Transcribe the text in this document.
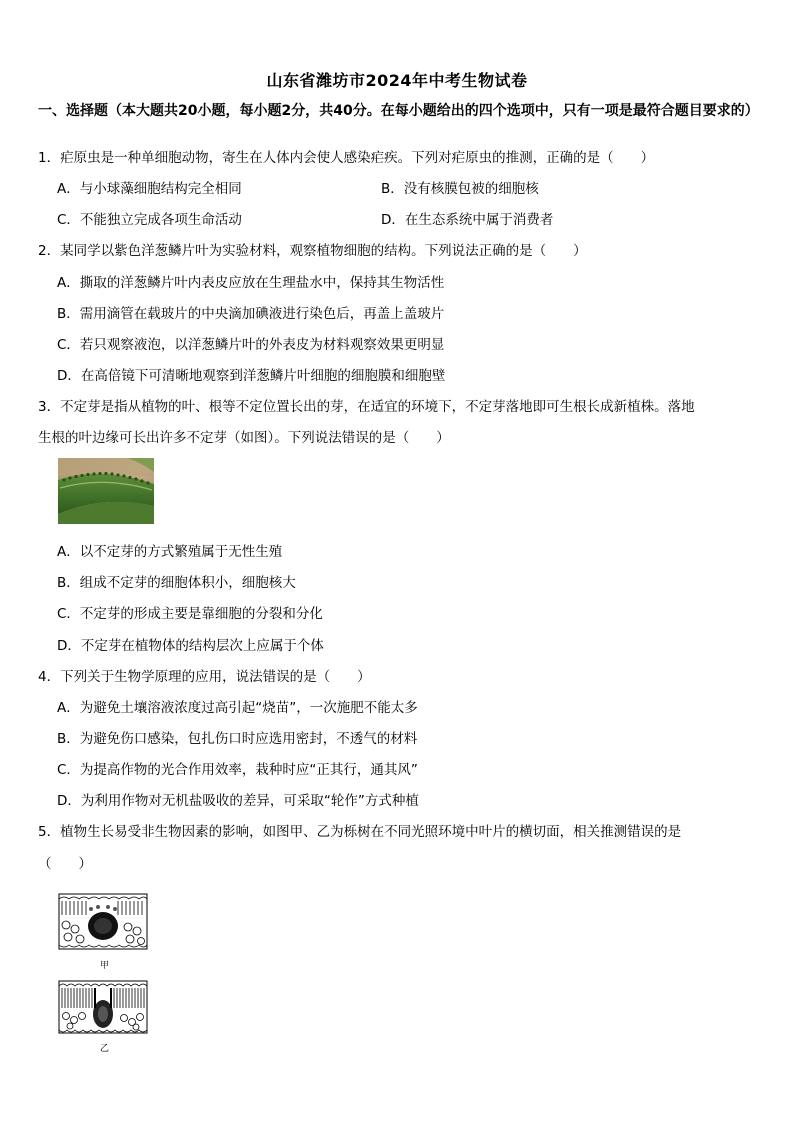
山东省潍坊市2024年中考生物试卷
一、选择题（本大题共20小题，每小题2分，共40分。在每小题给出的四个选项中，只有一项是最符合题目要求的）
1．疟原虫是一种单细胞动物，寄生在人体内会使人感染疟疾。下列对疟原虫的推测，正确的是（　　）
A．与小球藻细胞结构完全相同	B．没有核膜包被的细胞核
C．不能独立完成各项生命活动	D．在生态系统中属于消费者
2．某同学以紫色洋葱鳞片叶为实验材料，观察植物细胞的结构。下列说法正确的是（　　）
A．撕取的洋葱鳞片叶内表皮应放在生理盐水中，保持其生物活性
B．需用滴管在载玻片的中央滴加碘液进行染色后，再盖上盖玻片
C．若只观察液泡，以洋葱鳞片叶的外表皮为材料观察效果更明显
D．在高倍镜下可清晰地观察到洋葱鳞片叶细胞的细胞膜和细胞壁
3．不定芽是指从植物的叶、根等不定位置长出的芽，在适宜的环境下，不定芽落地即可生根长成新植株。落地
生根的叶边缘可长出许多不定芽（如图）。下列说法错误的是（　　）
A．以不定芽的方式繁殖属于无性生殖
B．组成不定芽的细胞体积小，细胞核大
C．不定芽的形成主要是靠细胞的分裂和分化
D．不定芽在植物体的结构层次上应属于个体
4．下列关于生物学原理的应用，说法错误的是（　　）
A．为避免土壤溶液浓度过高引起“烧苗”，一次施肥不能太多
B．为避免伤口感染，包扎伤口时应选用密封，不透气的材料
C．为提高作物的光合作用效率，栽种时应“正其行，通其风”
D．为利用作物对无机盐吸收的差异，可采取“轮作”方式种植
5．植物生长易受非生物因素的影响，如图甲、乙为栎树在不同光照环境中叶片的横切面，相关推测错误的是
（　　）
甲
乙
